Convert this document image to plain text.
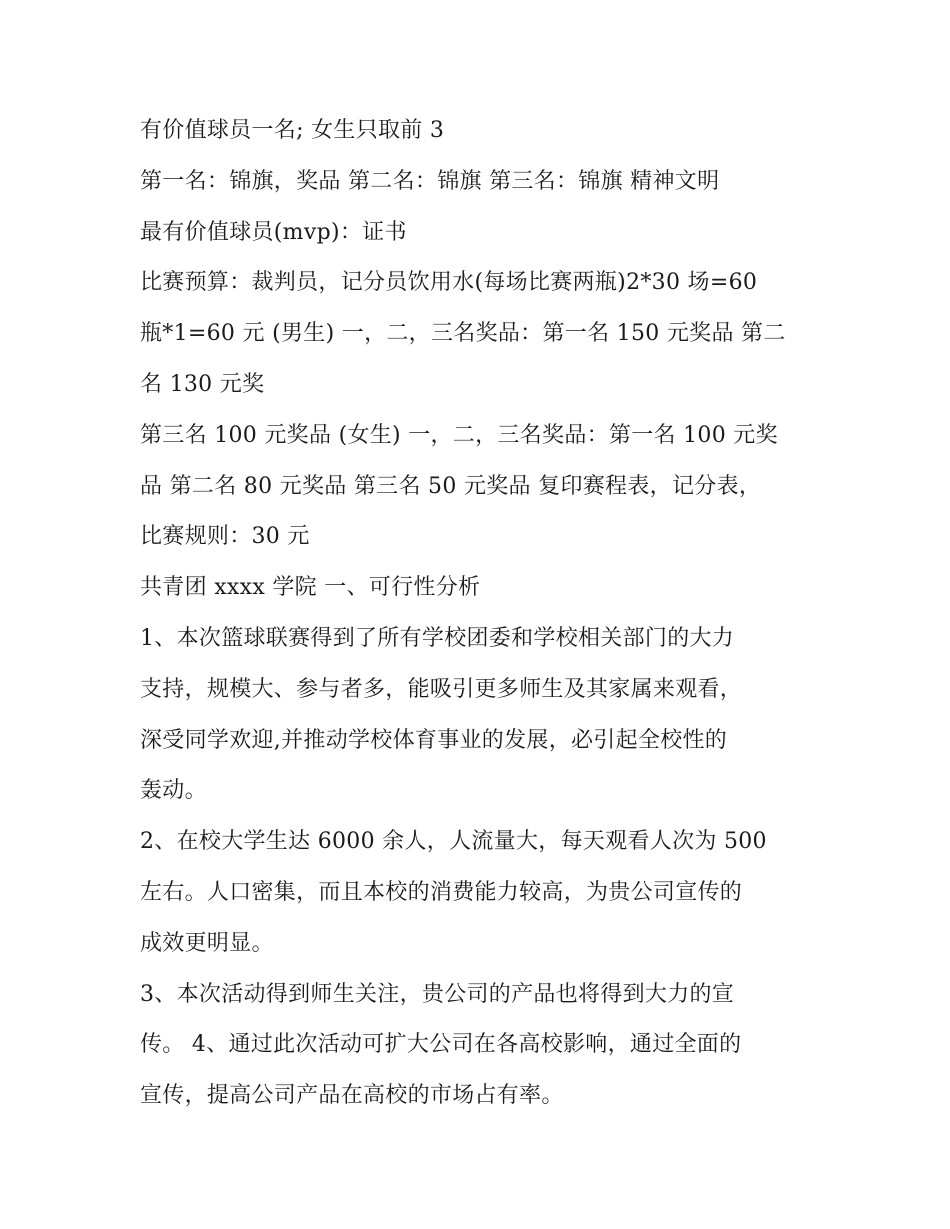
有价值球员一名; 女生只取前 3
第一名：锦旗，奖品 第二名：锦旗 第三名：锦旗 精神文明
最有价值球员(mvp)：证书
比赛预算：裁判员，记分员饮用水(每场比赛两瓶)2*30 场=60
瓶*1=60 元 (男生) 一，二，三名奖品：第一名 150 元奖品 第二
名 130 元奖
第三名 100 元奖品 (女生) 一，二，三名奖品：第一名 100 元奖
品 第二名 80 元奖品 第三名 50 元奖品 复印赛程表，记分表，
比赛规则：30 元
共青团 xxxx 学院 一、可行性分析
1、本次篮球联赛得到了所有学校团委和学校相关部门的大力
支持，规模大、参与者多，能吸引更多师生及其家属来观看，
深受同学欢迎,并推动学校体育事业的发展，必引起全校性的
轰动。
2、在校大学生达 6000 余人，人流量大，每天观看人次为 500
左右。人口密集，而且本校的消费能力较高，为贵公司宣传的
成效更明显。
3、本次活动得到师生关注，贵公司的产品也将得到大力的宣
传。 4、通过此次活动可扩大公司在各高校影响，通过全面的
宣传，提高公司产品在高校的市场占有率。
